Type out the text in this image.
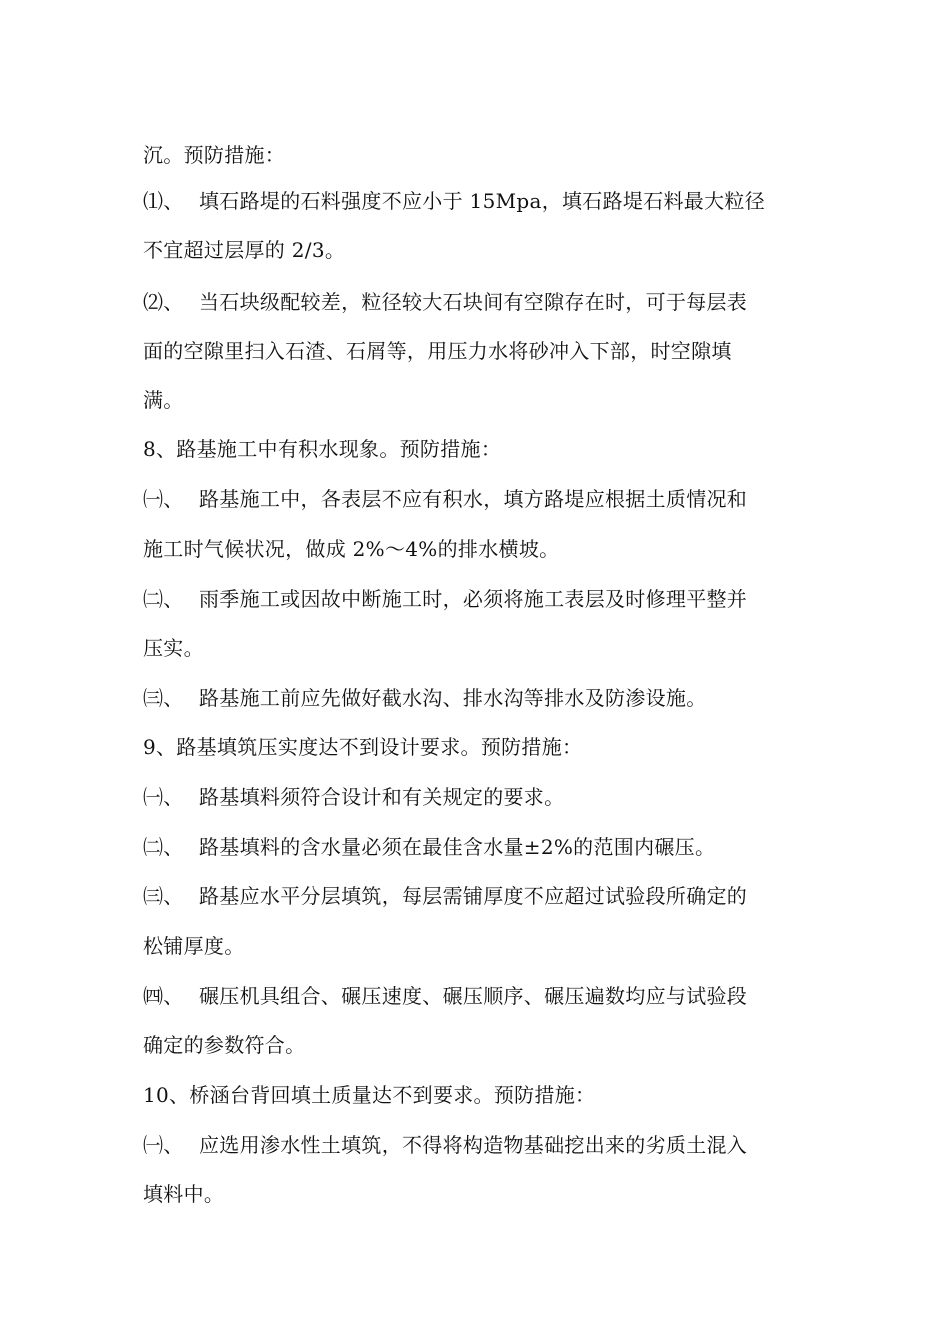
沉。预防措施：
⑴、 填石路堤的石料强度不应小于 15Mpa，填石路堤石料最大粒径
不宜超过层厚的 2/3。
⑵、 当石块级配较差，粒径较大石块间有空隙存在时，可于每层表
面的空隙里扫入石渣、石屑等，用压力水将砂冲入下部，时空隙填
满。
8、路基施工中有积水现象。预防措施：
㈠、 路基施工中，各表层不应有积水，填方路堤应根据土质情况和
施工时气候状况，做成 2%～4%的排水横坡。
㈡、 雨季施工或因故中断施工时，必须将施工表层及时修理平整并
压实。
㈢、 路基施工前应先做好截水沟、排水沟等排水及防渗设施。
9、路基填筑压实度达不到设计要求。预防措施：
㈠、 路基填料须符合设计和有关规定的要求。
㈡、 路基填料的含水量必须在最佳含水量±2%的范围内碾压。
㈢、 路基应水平分层填筑，每层需铺厚度不应超过试验段所确定的
松铺厚度。
㈣、 碾压机具组合、碾压速度、碾压顺序、碾压遍数均应与试验段
确定的参数符合。
10、桥涵台背回填土质量达不到要求。预防措施：
㈠、 应选用渗水性土填筑，不得将构造物基础挖出来的劣质土混入
填料中。
